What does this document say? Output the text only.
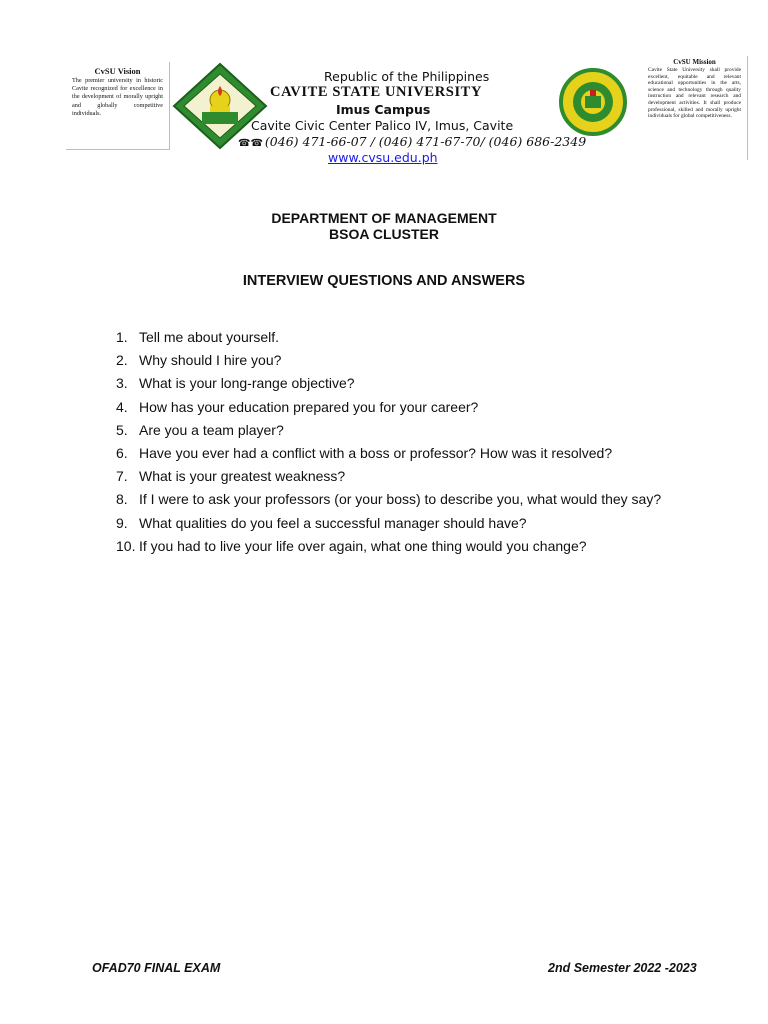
CvSU Vision
The premier university in historic Cavite recognized for excellence in the development of morally upright and globally competitive individuals.
Republic of the Philippines
CAVITE STATE UNIVERSITY
Imus Campus
Cavite Civic Center Palico IV, Imus, Cavite
☎☎ (046) 471-66-07 / (046) 471-67-70/ (046) 686-2349
www.cvsu.edu.ph
CvSU Mission
Cavite State University shall provide excellent, equitable and relevant educational opportunities in the arts, science and technology through quality instruction and relevant research and development activities. It shall produce professional, skilled and morally upright individuals for global competitiveness.
DEPARTMENT OF MANAGEMENT
BSOA CLUSTER
INTERVIEW QUESTIONS AND ANSWERS
1. Tell me about yourself.
2. Why should I hire you?
3. What is your long-range objective?
4. How has your education prepared you for your career?
5. Are you a team player?
6. Have you ever had a conflict with a boss or professor? How was it resolved?
7. What is your greatest weakness?
8. If I were to ask your professors (or your boss) to describe you, what would they say?
9. What qualities do you feel a successful manager should have?
10. If you had to live your life over again, what one thing would you change?
OFAD70 FINAL EXAM	2nd Semester 2022 -2023
